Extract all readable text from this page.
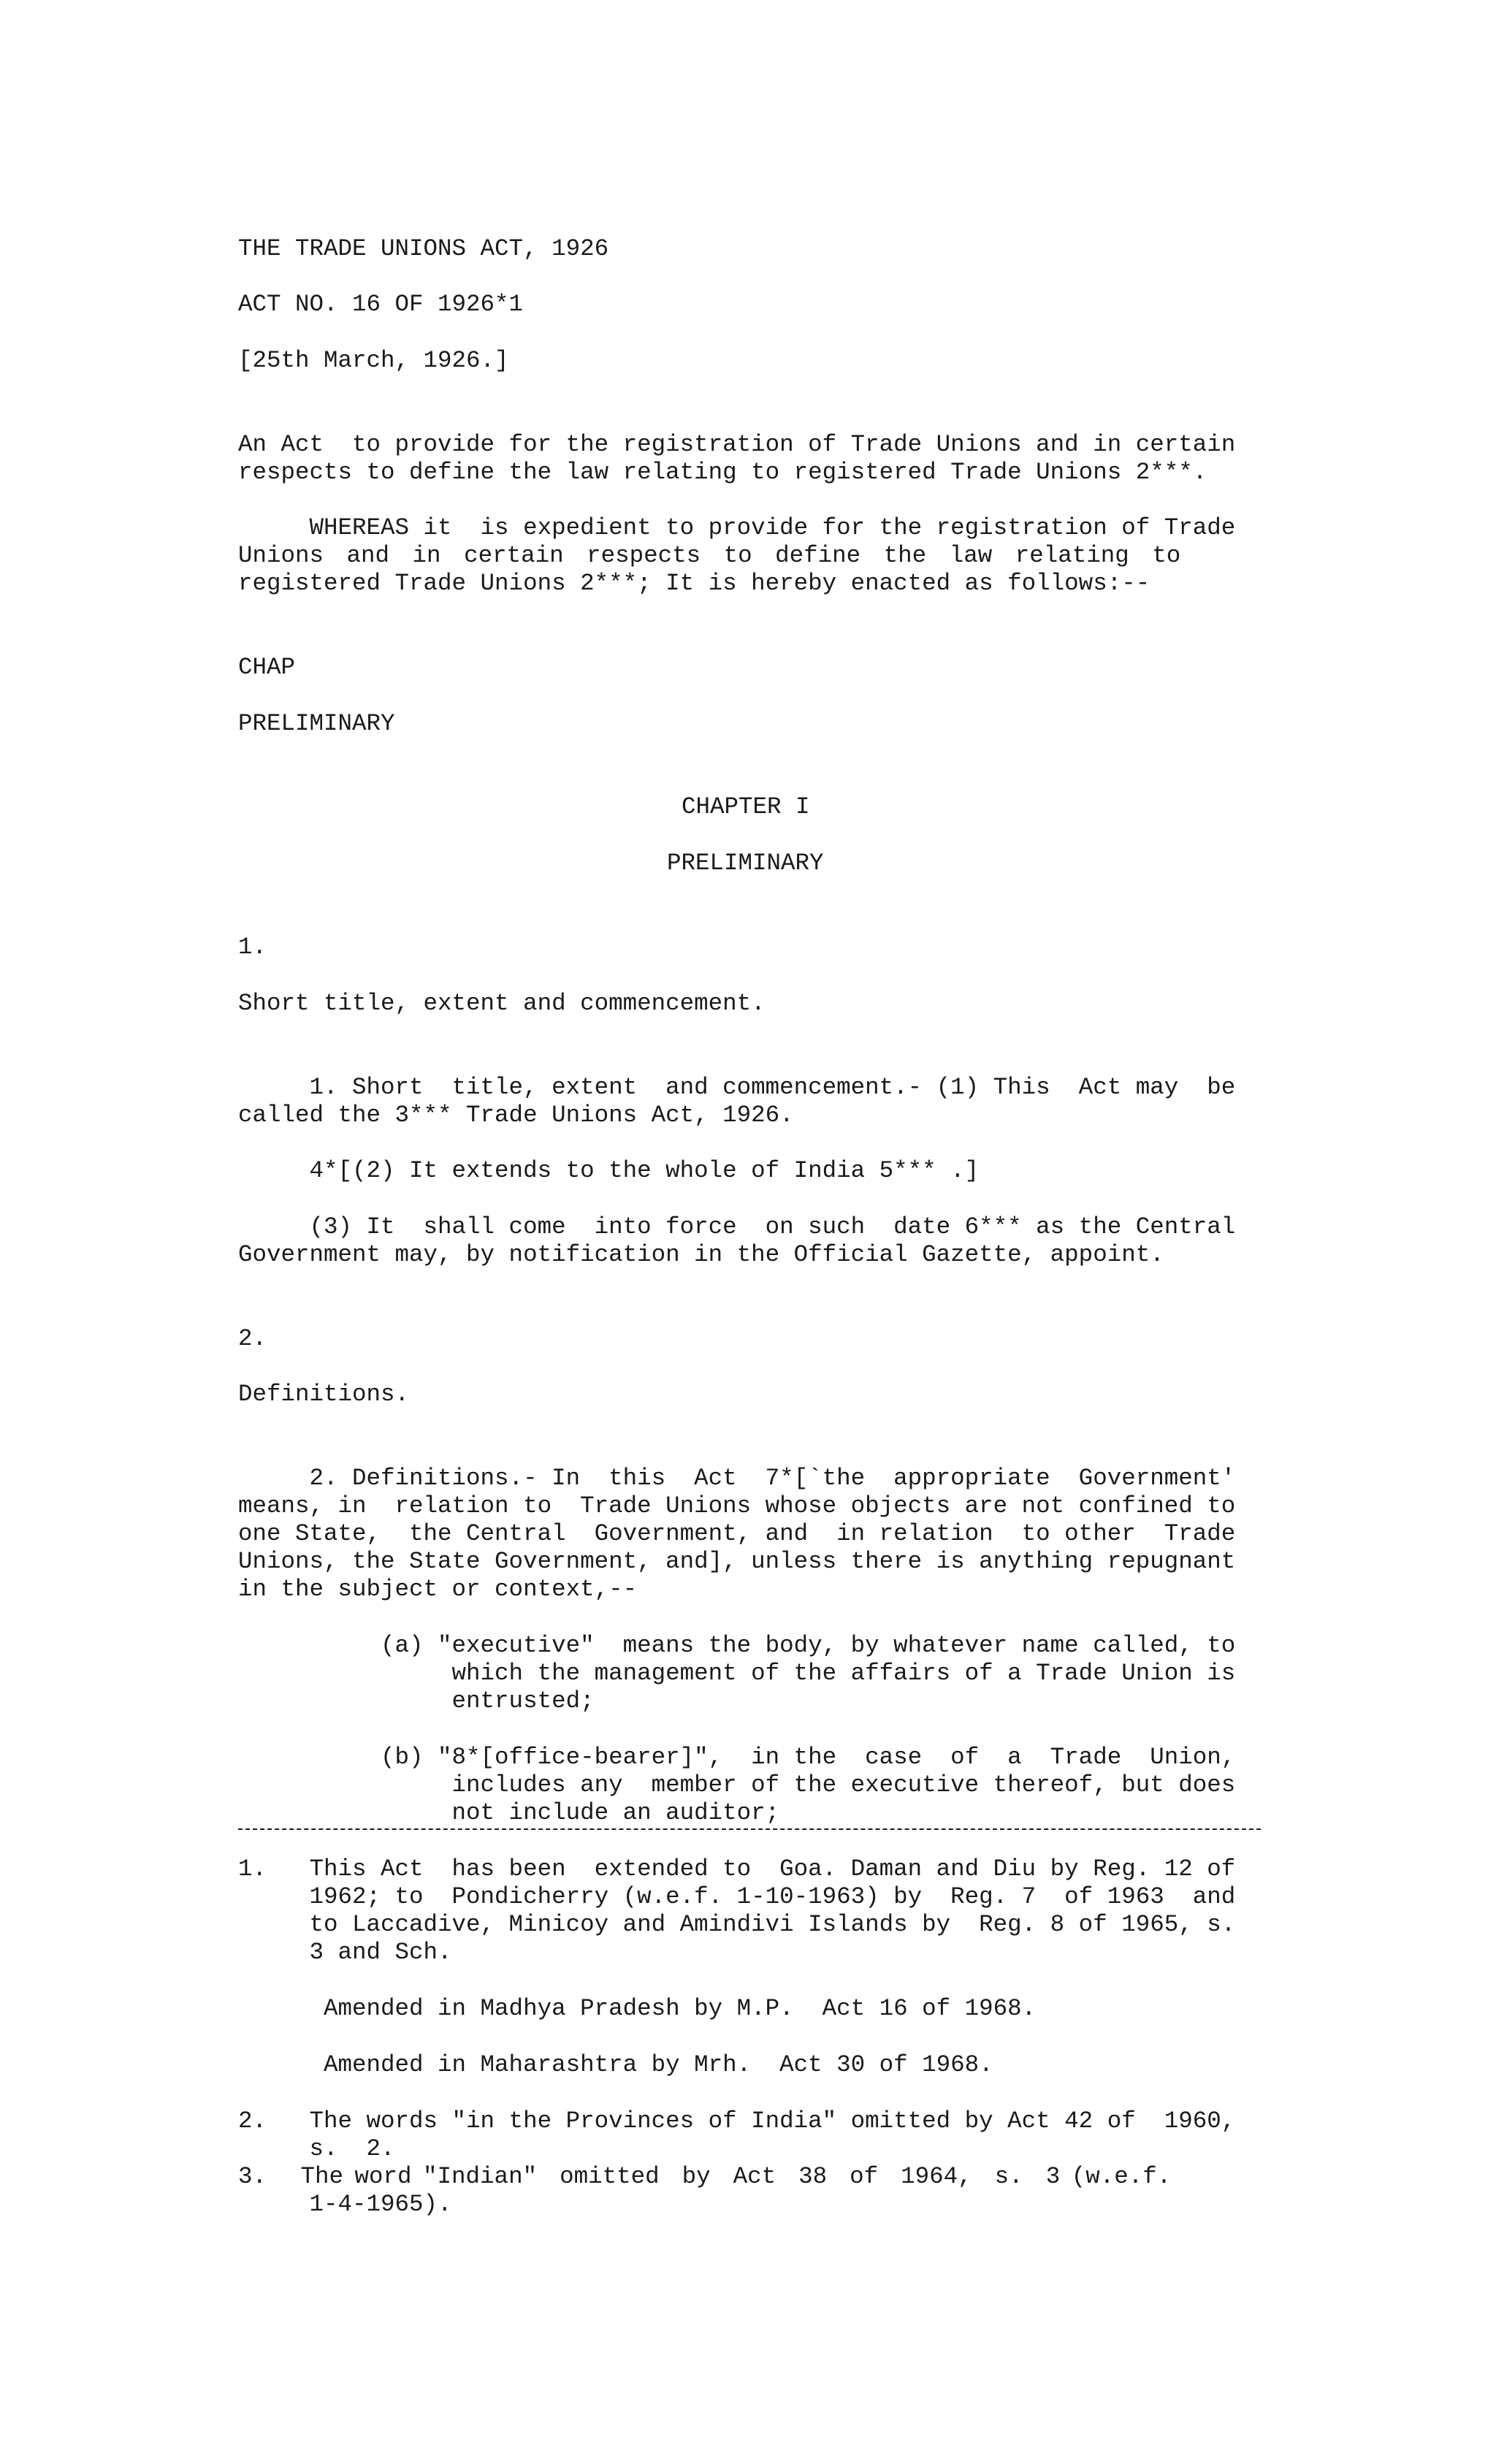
THE TRADE UNIONS ACT, 1926

ACT NO. 16 OF 1926*1

[25th March, 1926.]

An Act  to provide for the registration of Trade Unions and in certain

respects to define the law relating to registered Trade Unions 2***.

WHEREAS it  is expedient to provide for the registration of Trade

Unions   and   in   certain   respects   to   define   the   law   relating   to

registered Trade Unions 2***; It is hereby enacted as follows:--

CHAP

PRELIMINARY

CHAPTER I

PRELIMINARY

1.

Short title, extent and commencement.

1. Short  title, extent  and commencement.- (1) This  Act may  be

called the 3*** Trade Unions Act, 1926.

4*[(2) It extends to the whole of India 5*** .]

(3) It  shall come  into force  on such  date 6*** as the Central

Government may, by notification in the Official Gazette, appoint.

2.

Definitions.

2. Definitions.- In  this  Act  7*[`the  appropriate  Government'

means, in  relation to  Trade Unions whose objects are not confined to

one State,  the Central  Government, and  in relation  to other  Trade

Unions, the State Government, and], unless there is anything repugnant

in the subject or context,--

(a) "executive"  means the body, by whatever name called, to

which the management of the affairs of a Trade Union is

entrusted;

(b) "8*[office-bearer]",  in the  case  of  a  Trade  Union,

includes any  member of the executive thereof, but does

not include an auditor;

1.   This Act  has been  extended to  Goa. Daman and Diu by Reg. 12 of

1962; to  Pondicherry (w.e.f. 1-10-1963) by  Reg. 7  of 1963  and

to Laccadive, Minicoy and Amindivi Islands by  Reg. 8 of 1965, s.

3 and Sch.

Amended in Madhya Pradesh by M.P.  Act 16 of 1968.

Amended in Maharashtra by Mrh.  Act 30 of 1968.

2.   The words "in the Provinces of India" omitted by Act 42 of  1960,

s.  2.

3.   The word "Indian"  omitted  by  Act  38  of  1964,  s.  3 (w.e.f.

1-4-1965).
